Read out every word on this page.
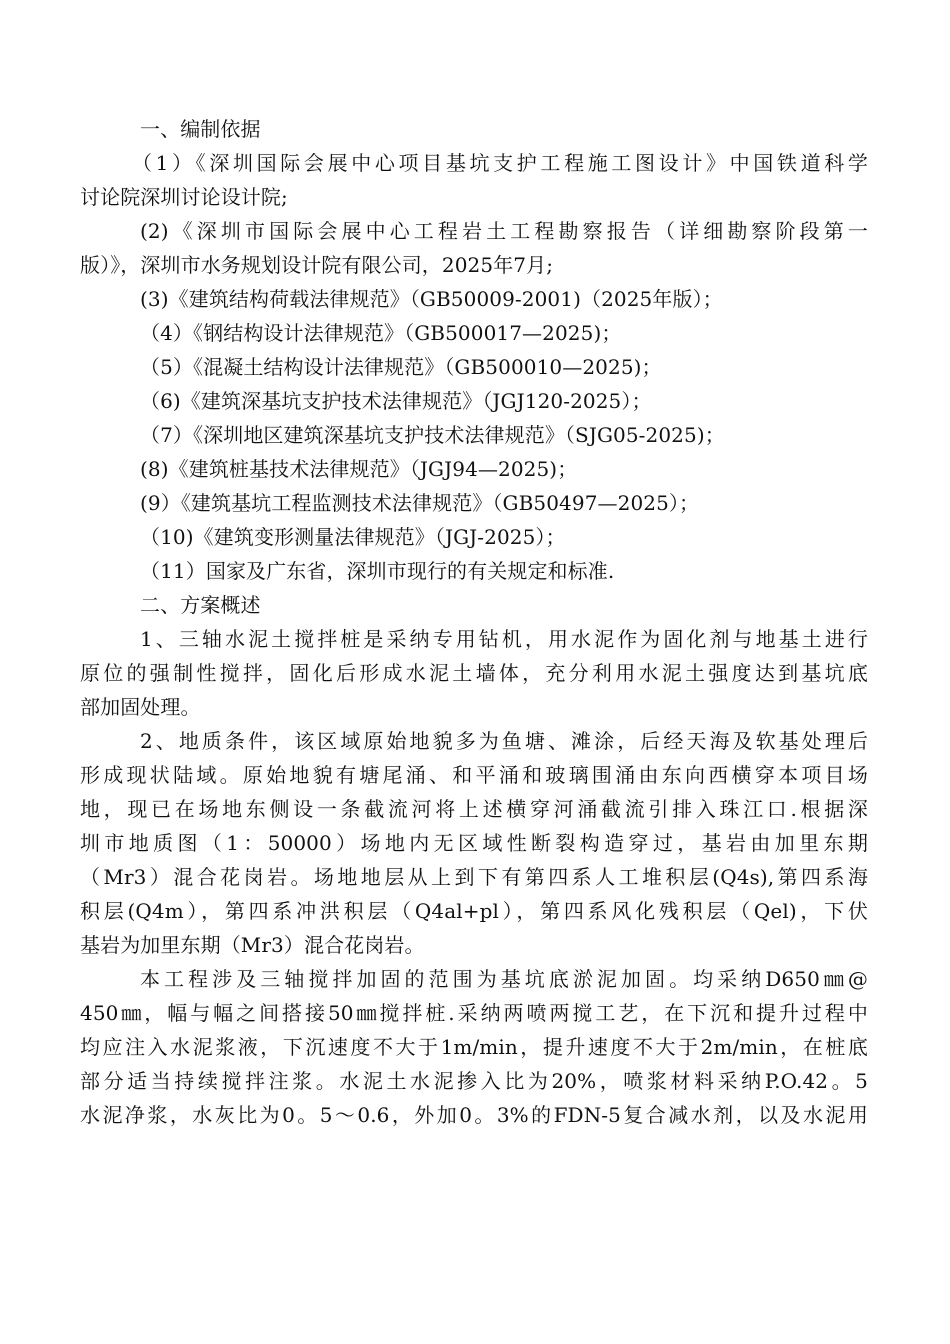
一、编制依据
（1）《深圳国际会展中心项目基坑支护工程施工图设计》中国铁道科学
讨论院深圳讨论设计院;
(2)《深圳市国际会展中心工程岩土工程勘察报告（详细勘察阶段第一
版）》，深圳市水务规划设计院有限公司，2025年7月;
(3)《建筑结构荷载法律规范》（GB50009-2001)（2025年版）；
（4）《钢结构设计法律规范》（GB500017—2025)；
（5）《混凝土结构设计法律规范》（GB500010—2025)；
（6)《建筑深基坑支护技术法律规范》（JGJ120-2025）；
（7）《深圳地区建筑深基坑支护技术法律规范》（SJG05-2025)；
(8)《建筑桩基技术法律规范》（JGJ94—2025)；
(9）《建筑基坑工程监测技术法律规范》（GB50497—2025）；
（10)《建筑变形测量法律规范》（JGJ-2025）；
（11）国家及广东省，深圳市现行的有关规定和标准.
二、方案概述
1、三轴水泥土搅拌桩是采纳专用钻机，用水泥作为固化剂与地基土进行
原位的强制性搅拌，固化后形成水泥土墙体，充分利用水泥土强度达到基坑底
部加固处理。
2、地质条件，该区域原始地貌多为鱼塘、滩涂，后经天海及软基处理后
形成现状陆域。原始地貌有塘尾涌、和平涌和玻璃围涌由东向西横穿本项目场
地，现已在场地东侧设一条截流河将上述横穿河涌截流引排入珠江口.根据深
圳市地质图（1：50000）场地内无区域性断裂构造穿过，基岩由加里东期
（Mr3）混合花岗岩。场地地层从上到下有第四系人工堆积层(Q4s),第四系海
积层(Q4m），第四系冲洪积层（Q4al+pl），第四系风化残积层（Qel)，下伏
基岩为加里东期（Mr3）混合花岗岩。
本工程涉及三轴搅拌加固的范围为基坑底淤泥加固。均采纳D650㎜@
450㎜，幅与幅之间搭接50㎜搅拌桩.采纳两喷两搅工艺，在下沉和提升过程中
均应注入水泥浆液，下沉速度不大于1m/min，提升速度不大于2m/min，在桩底
部分适当持续搅拌注浆。水泥土水泥掺入比为20%，喷浆材料采纳P.O.42。5
水泥净浆，水灰比为0。5～0.6，外加0。3%的FDN-5复合减水剂，以及水泥用
